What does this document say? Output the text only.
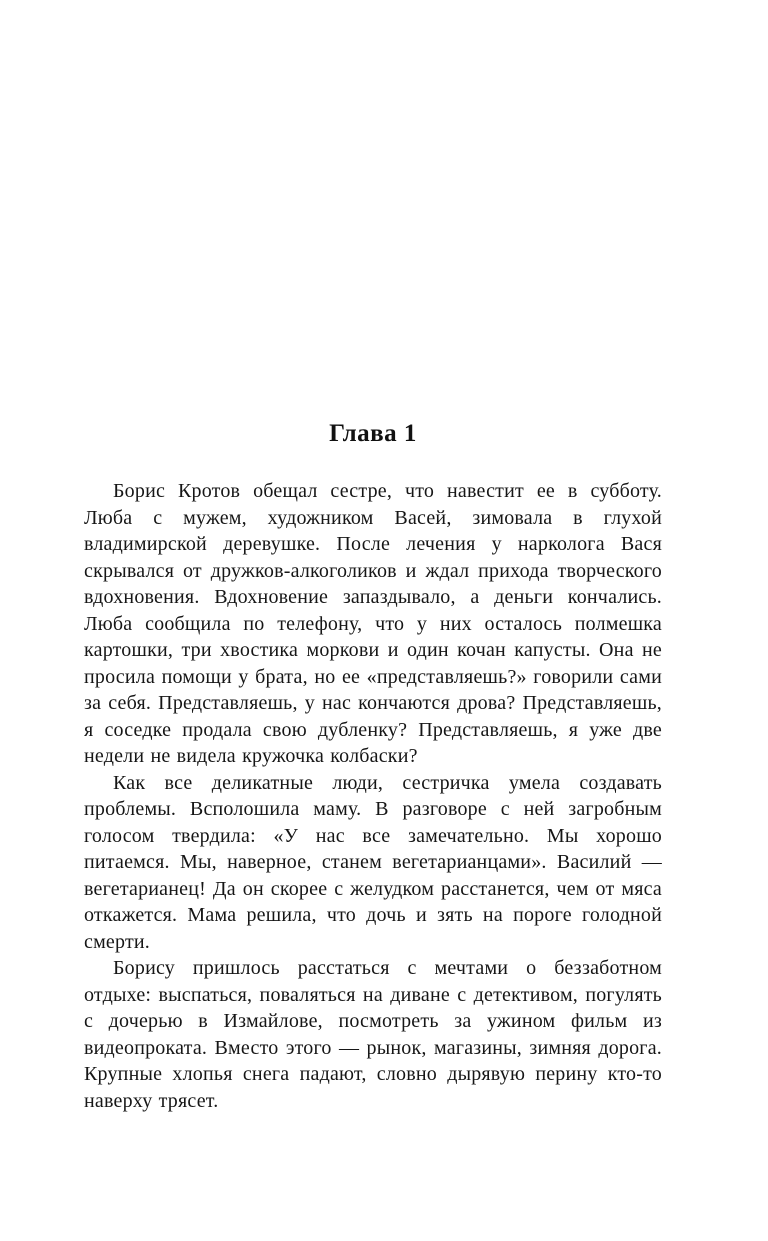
Глава 1

Борис Кротов обещал сестре, что навестит ее в субботу. Люба с мужем, художником Васей, зимовала в глухой владимирской деревушке. После лечения у нарколога Вася скрывался от дружков-алкоголиков и ждал прихода творческого вдохновения. Вдохновение запаздывало, а деньги кончались. Люба сообщила по телефону, что у них осталось полмешка картошки, три хвостика моркови и один кочан капусты. Она не просила помощи у брата, но ее «представляешь?» говорили сами за себя. Представляешь, у нас кончаются дрова? Представляешь, я соседке продала свою дубленку? Представляешь, я уже две недели не видела кружочка колбаски?

Как все деликатные люди, сестричка умела создавать проблемы. Всполошила маму. В разговоре с ней загробным голосом твердила: «У нас все замечательно. Мы хорошо питаемся. Мы, наверное, станем вегетарианцами». Василий — вегетарианец! Да он скорее с желудком расстанется, чем от мяса откажется. Мама решила, что дочь и зять на пороге голодной смерти.

Борису пришлось расстаться с мечтами о беззаботном отдыхе: выспаться, поваляться на диване с детективом, погулять с дочерью в Измайлове, посмотреть за ужином фильм из видеопроката. Вместо этого — рынок, магазины, зимняя дорога. Крупные хлопья снега падают, словно дырявую перину кто-то наверху трясет.
